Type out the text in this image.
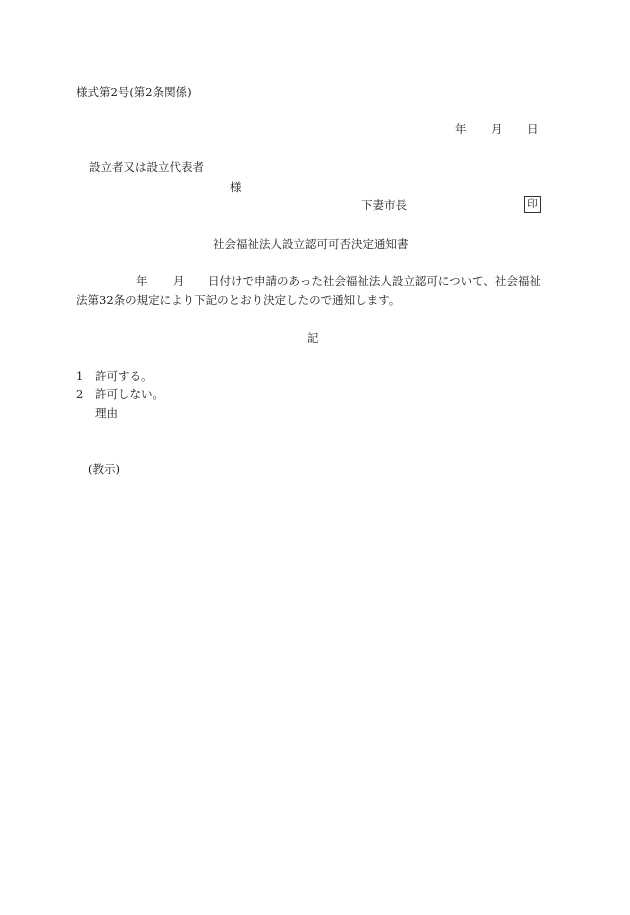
様式第2号(第2条関係)
年 月 日
設立者又は設立代表者
様
下妻市長	印
社会福祉法人設立認可可否決定通知書
年 月 日付けで申請のあった社会福祉法人設立認可について、社会福祉
法第32条の規定により下記のとおり決定したので通知します。
記
1 許可する。
2 許可しない。
理由
(教示)
